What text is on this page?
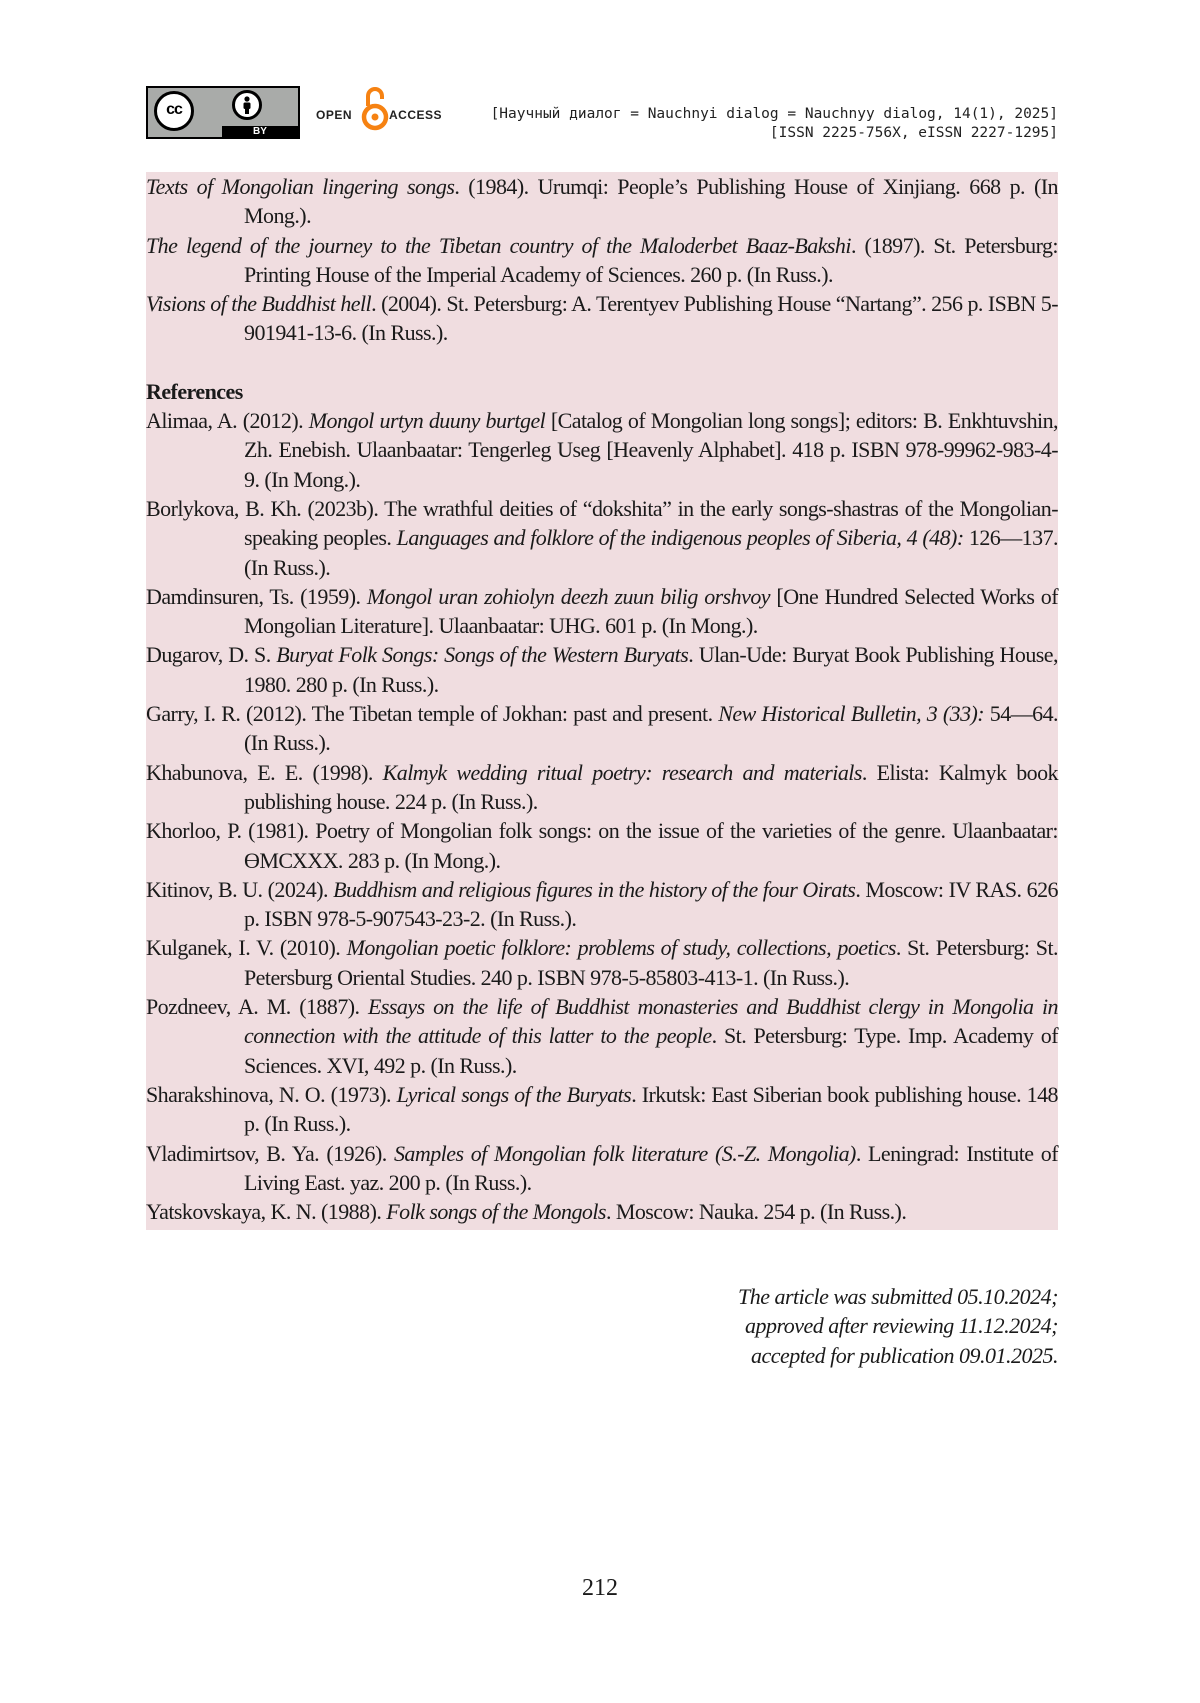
cc
BY
OPEN	ACCESS	[Научный диалог = Nauchnyi dialog = Nauchnyy dialog, 14(1), 2025]
[ISSN 2225-756X, eISSN 2227-1295]

Texts of Mongolian lingering songs. (1984). Urumqi: People’s Publishing House of Xinjiang. 668 p. (In Mong.).

The legend of the journey to the Tibetan country of the Maloderbet Baaz-Bakshi. (1897). St. Petersburg: Printing House of the Imperial Academy of Sciences. 260 p. (In Russ.).

Visions of the Buddhist hell. (2004). St. Petersburg: A. Terentyev Publishing House “Nartang”. 256 p. ISBN 5-901941-13-6. (In Russ.).

References

Alimaa, A. (2012). Mongol urtyn duuny burtgel [Catalog of Mongolian long songs]; editors: B. Enkhtuvshin, Zh. Enebish. Ulaanbaatar: Tengerleg Useg [Heavenly Alphabet]. 418 p. ISBN 978-99962-983-4-9. (In Mong.).

Borlykova, B. Kh. (2023b). The wrathful deities of “dokshita” in the early songs-shastras of the Mongolian-speaking peoples. Languages and folklore of the indigenous peoples of Siberia, 4 (48): 126—137. (In Russ.).

Damdinsuren, Ts. (1959). Mongol uran zohiolyn deezh zuun bilig orshvoy [One Hundred Selected Works of Mongolian Literature]. Ulaanbaatar: UHG. 601 p. (In Mong.).

Dugarov, D. S. Buryat Folk Songs: Songs of the Western Buryats. Ulan-Ude: Buryat Book Publishing House, 1980. 280 p. (In Russ.).

Garry, I. R. (2012). The Tibetan temple of Jokhan: past and present. New Historical Bulletin, 3 (33): 54—64. (In Russ.).

Khabunova, E. E. (1998). Kalmyk wedding ritual poetry: research and materials. Elista: Kalmyk book publishing house. 224 p. (In Russ.).

Khorloo, P. (1981). Poetry of Mongolian folk songs: on the issue of the varieties of the genre. Ulaanbaatar: ӨМСХХХ. 283 p. (In Mong.).

Kitinov, B. U. (2024). Buddhism and religious figures in the history of the four Oirats. Moscow: IV RAS. 626 p. ISBN 978-5-907543-23-2. (In Russ.).

Kulganek, I. V. (2010). Mongolian poetic folklore: problems of study, collections, poetics. St. Petersburg: St. Petersburg Oriental Studies. 240 p. ISBN 978-5-85803-413-1. (In Russ.).

Pozdneev, A. M. (1887). Essays on the life of Buddhist monasteries and Buddhist clergy in Mongolia in connection with the attitude of this latter to the people. St. Petersburg: Type. Imp. Academy of Sciences. XVI, 492 p. (In Russ.).

Sharakshinova, N. O. (1973). Lyrical songs of the Buryats. Irkutsk: East Siberian book publishing house. 148 p. (In Russ.).

Vladimirtsov, B. Ya. (1926). Samples of Mongolian folk literature (S.-Z. Mongolia). Leningrad: Institute of Living East. yaz. 200 p. (In Russ.).

Yatskovskaya, K. N. (1988). Folk songs of the Mongols. Moscow: Nauka. 254 p. (In Russ.).

The article was submitted 05.10.2024;
approved after reviewing 11.12.2024;
accepted for publication 09.01.2025.
212
